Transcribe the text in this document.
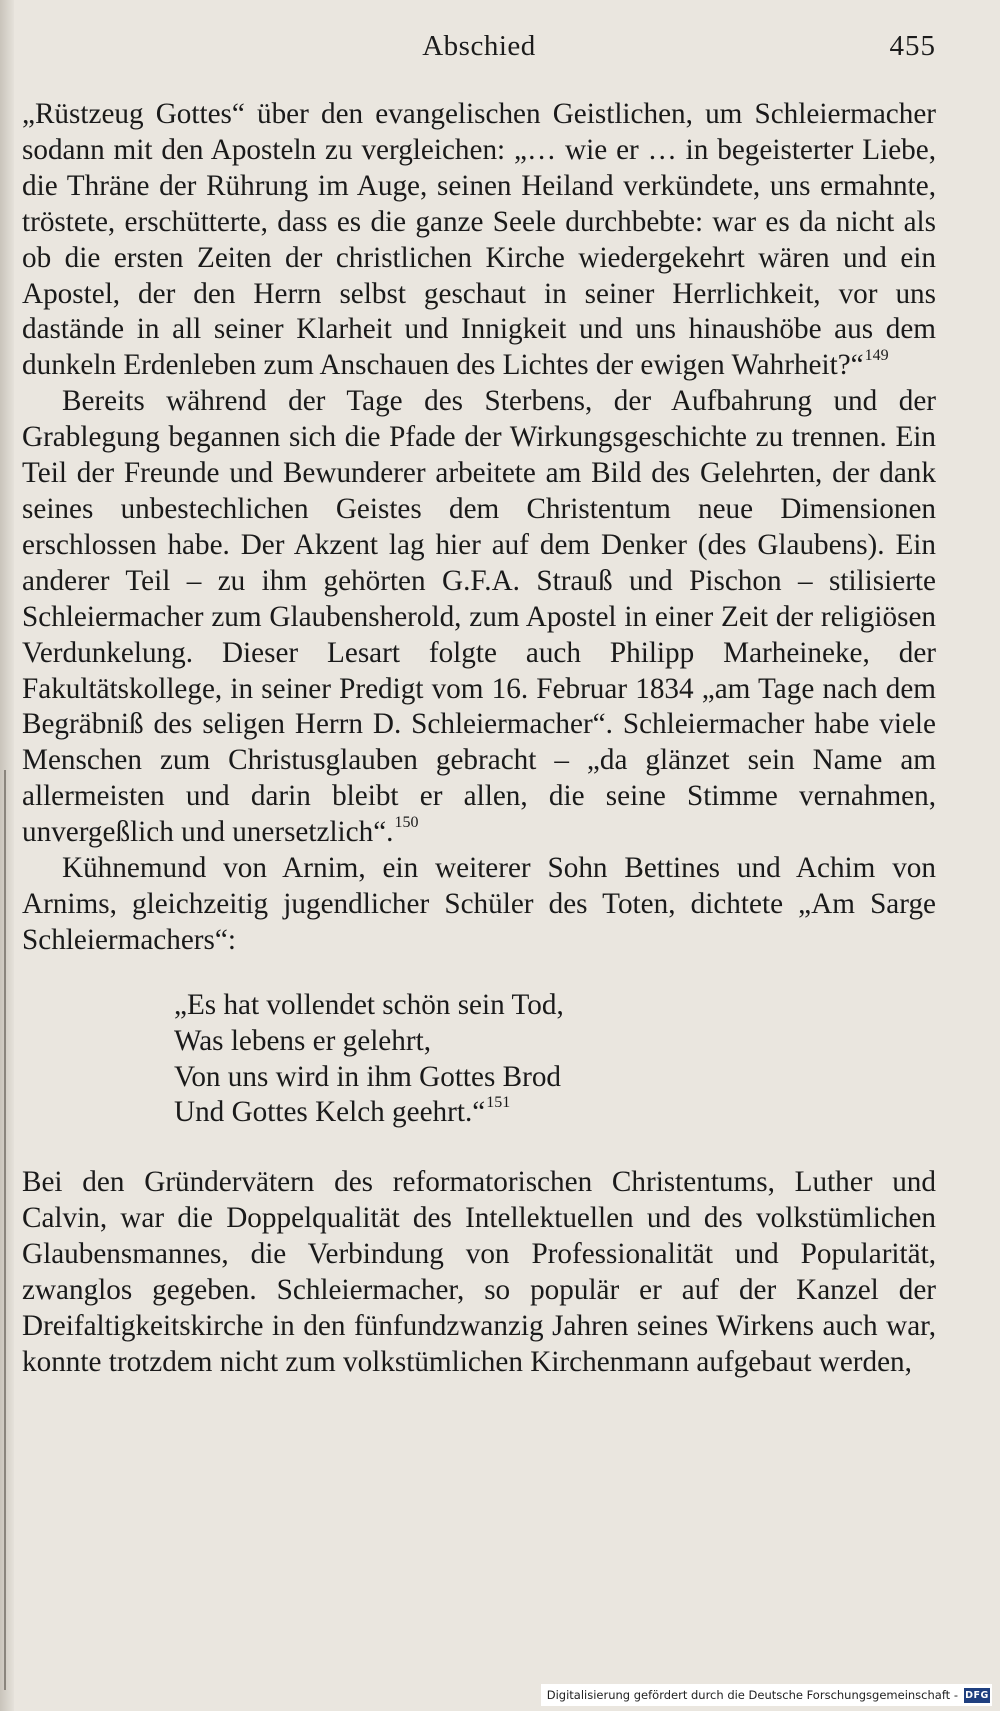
Abschied	455

„Rüstzeug Gottes“ über den evangelischen Geistlichen, um Schleiermacher sodann mit den Aposteln zu vergleichen: „… wie er … in begeisterter Liebe, die Thräne der Rührung im Auge, seinen Heiland verkündete, uns ermahnte, tröstete, erschütterte, dass es die ganze Seele durchbebte: war es da nicht als ob die ersten Zeiten der christlichen Kirche wiedergekehrt wären und ein Apostel, der den Herrn selbst geschaut in seiner Herrlichkeit, vor uns dastände in all seiner Klarheit und Innigkeit und uns hinaushöbe aus dem dunkeln Erdenleben zum Anschauen des Lichtes der ewigen Wahrheit?“$^{149}$

Bereits während der Tage des Sterbens, der Aufbahrung und der Grablegung begannen sich die Pfade der Wirkungsgeschichte zu trennen. Ein Teil der Freunde und Bewunderer arbeitete am Bild des Gelehrten, der dank seines unbestechlichen Geistes dem Christentum neue Dimensionen erschlossen habe. Der Akzent lag hier auf dem Denker (des Glaubens). Ein anderer Teil – zu ihm gehörten G.F.A. Strauß und Pischon – stilisierte Schleiermacher zum Glaubensherold, zum Apostel in einer Zeit der religiösen Verdunkelung. Dieser Lesart folgte auch Philipp Marheineke, der Fakultätskollege, in seiner Predigt vom 16. Februar 1834 „am Tage nach dem Begräbniß des seligen Herrn D. Schleiermacher“. Schleiermacher habe viele Menschen zum Christusglauben gebracht – „da glänzet sein Name am allermeisten und darin bleibt er allen, die seine Stimme vernahmen, unvergeßlich und unersetzlich“.$^{150}$

Kühnemund von Arnim, ein weiterer Sohn Bettines und Achim von Arnims, gleichzeitig jugendlicher Schüler des Toten, dichtete „Am Sarge Schleiermachers“:

„Es hat vollendet schön sein Tod,
Was lebens er gelehrt,
Von uns wird in ihm Gottes Brod
Und Gottes Kelch geehrt.“$^{151}$

Bei den Gründervätern des reformatorischen Christentums, Luther und Calvin, war die Doppelqualität des Intellektuellen und des volkstümlichen Glaubensmannes, die Verbindung von Professionalität und Popularität, zwanglos gegeben. Schleiermacher, so populär er auf der Kanzel der Dreifaltigkeitskirche in den fünfundzwanzig Jahren seines Wirkens auch war, konnte trotzdem nicht zum volkstümlichen Kirchenmann aufgebaut werden,

Digitalisierung gefördert durch die Deutsche Forschungsgemeinschaft - DFG
